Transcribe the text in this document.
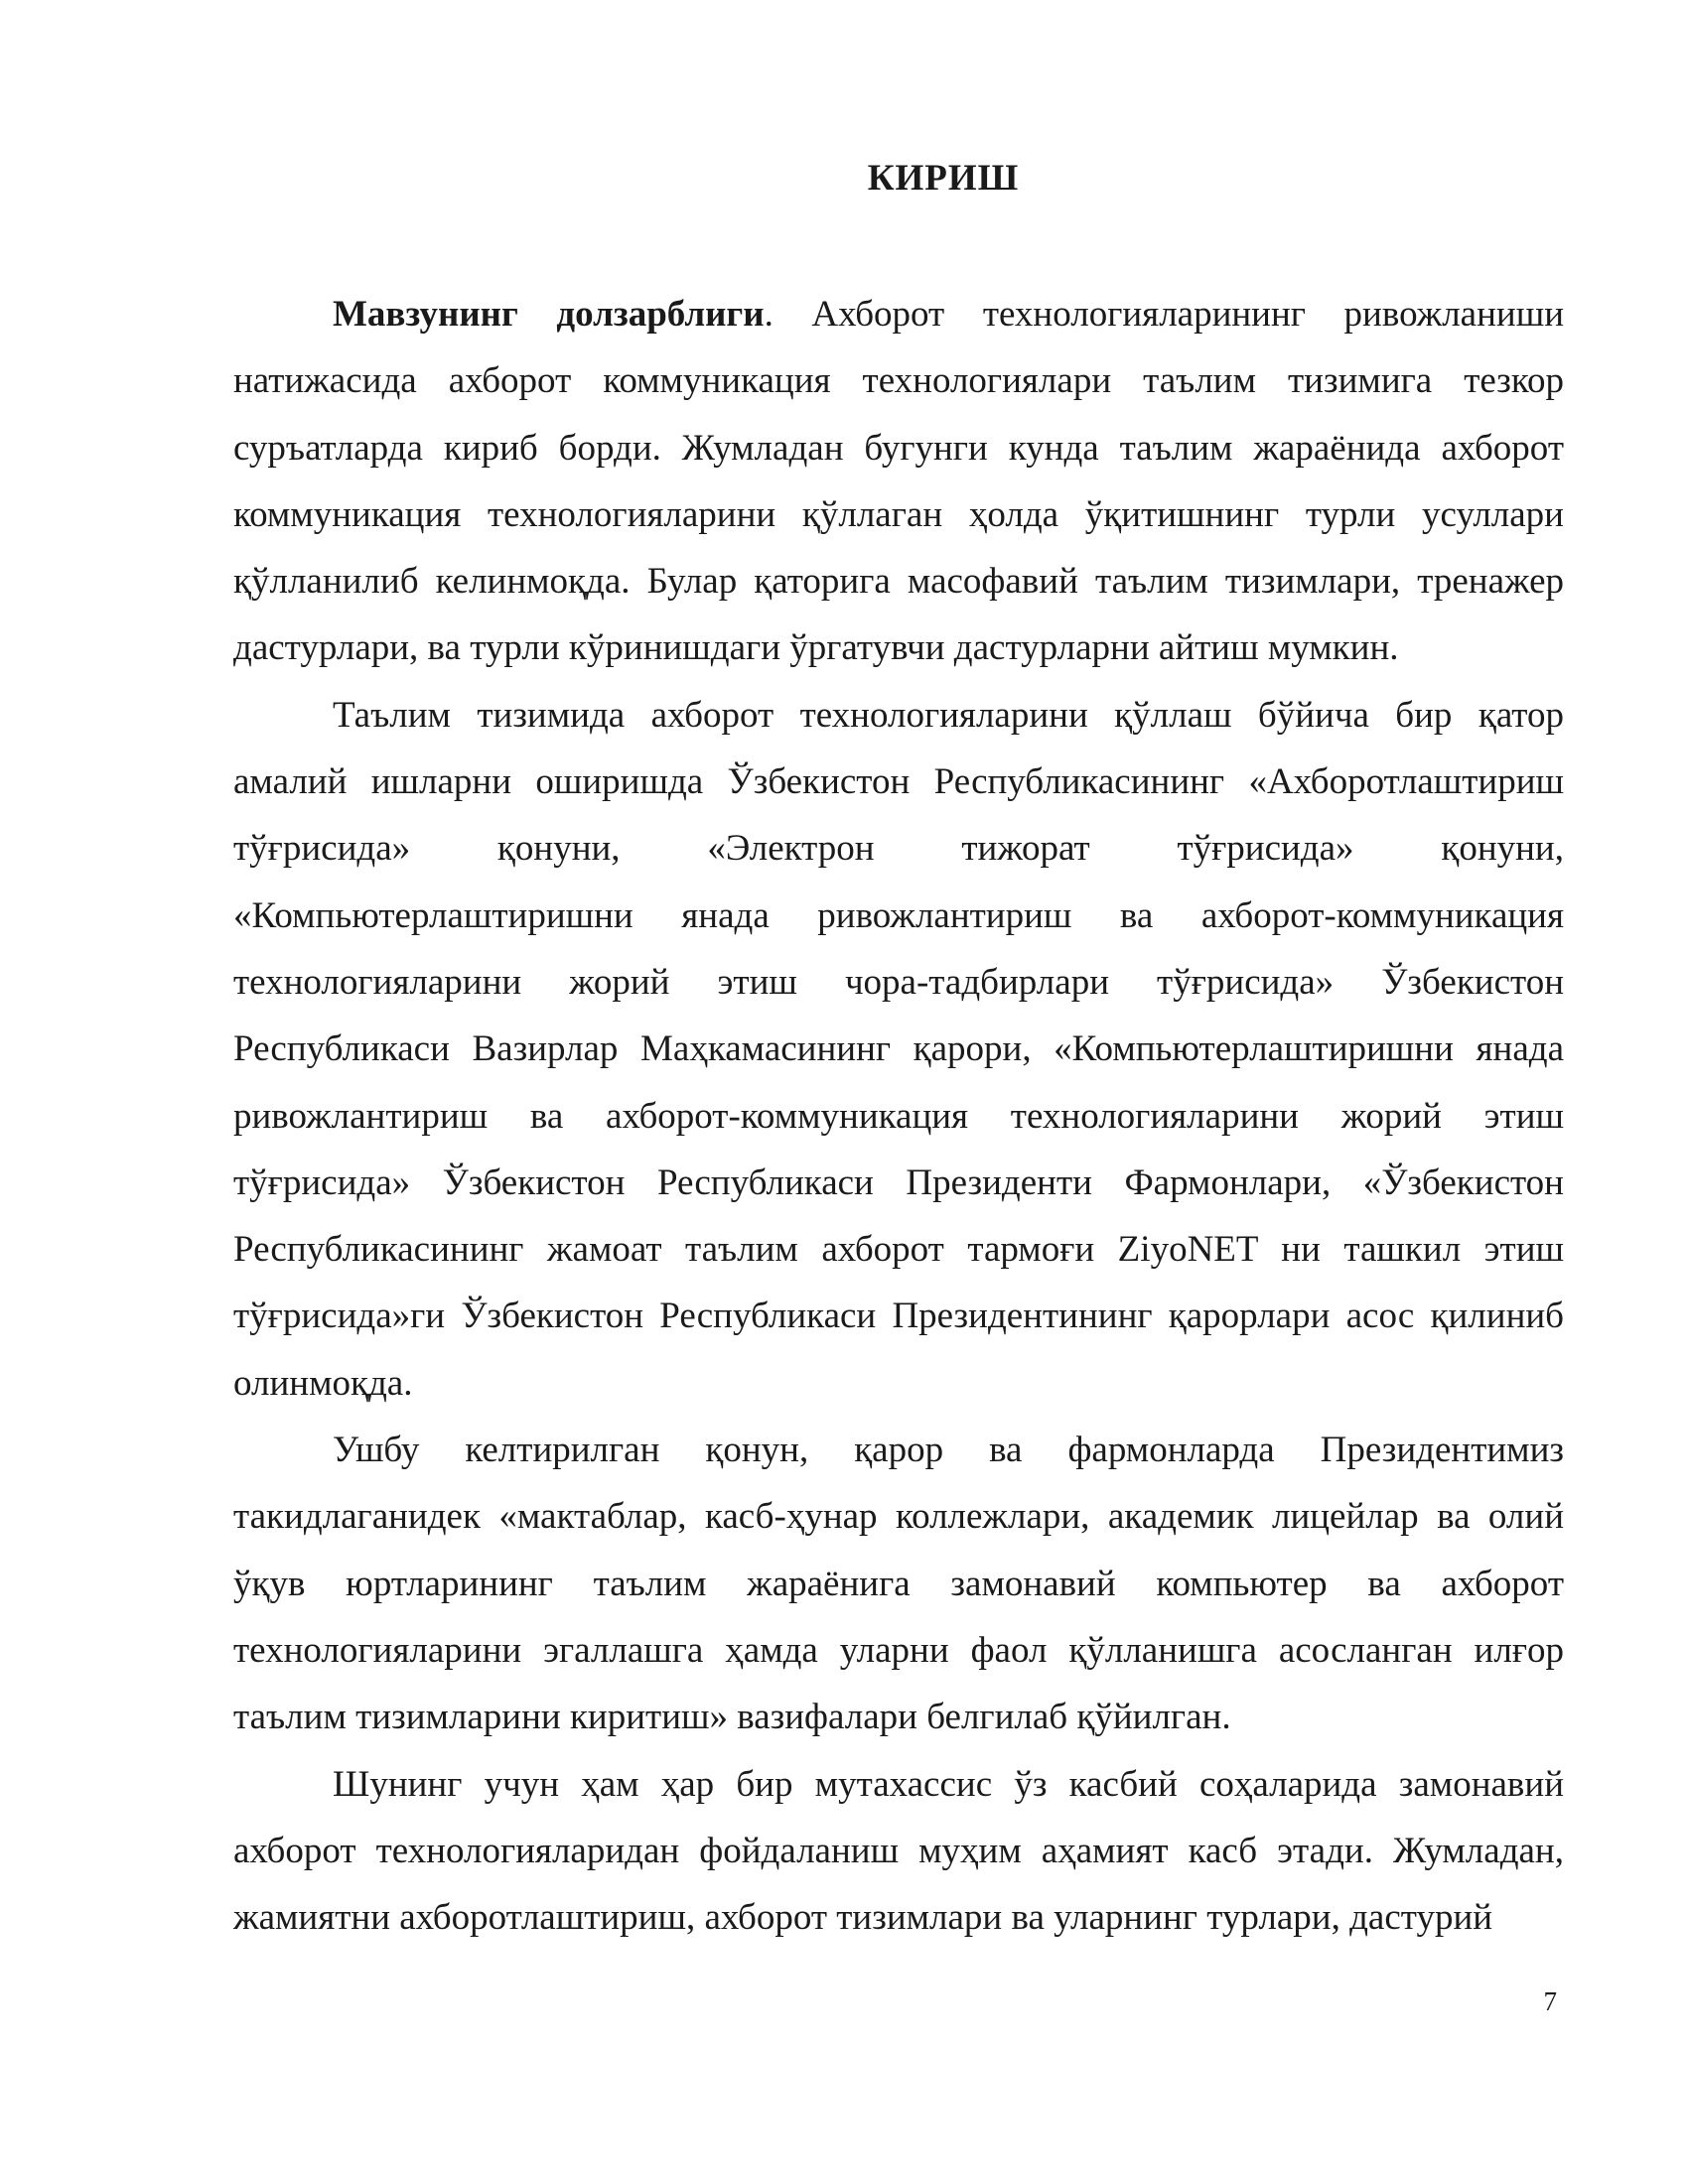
КИРИШ

Мавзунинг долзарблиги. Ахборот технологияларининг ривожланиши натижасида ахборот коммуникация технологиялари таълим тизимига тезкор суръатларда кириб борди. Жумладан бугунги кунда таълим жараёнида ахборот коммуникация технологияларини қўллаган ҳолда ўқитишнинг турли усуллари қўлланилиб келинмоқда. Булар қаторига масофавий таълим тизимлари, тренажер дастурлари, ва турли кўринишдаги ўргатувчи дастурларни айтиш мумкин.

Таълим тизимида ахборот технологияларини қўллаш бўйича бир қатор амалий ишларни оширишда Ўзбекистон Республикасининг «Ахборотлаштириш тўғрисида» қонуни, «Электрон тижорат тўғрисида» қонуни, «Компьютерлаштиришни янада ривожлантириш ва ахборот-коммуникация технологияларини жорий этиш чора-тадбирлари тўғрисида» Ўзбекистон Республикаси Вазирлар Маҳкамасининг қарори, «Компьютерлаштиришни янада ривожлантириш ва ахборот-коммуникация технологияларини жорий этиш тўғрисида» Ўзбекистон Республикаси Президенти Фармонлари, «Ўзбекистон Республикасининг жамоат таълим ахборот тармоғи ZiyoNET ни ташкил этиш тўғрисида»ги Ўзбекистон Республикаси Президентининг қарорлари асос қилиниб олинмоқда.

Ушбу келтирилган қонун, қарор ва фармонларда Президентимиз такидлаганидек «мактаблар, касб-ҳунар коллежлари, академик лицейлар ва олий ўқув юртларининг таълим жараёнига замонавий компьютер ва ахборот технологияларини эгаллашга ҳамда уларни фаол қўлланишга асосланган илғор таълим тизимларини киритиш» вазифалари белгилаб қўйилган.

Шунинг учун ҳам ҳар бир мутахассис ўз касбий соҳаларида замонавий ахборот технологияларидан фойдаланиш муҳим аҳамият касб этади. Жумладан, жамиятни ахборотлаштириш, ахборот тизимлари ва уларнинг турлари, дастурий

7
